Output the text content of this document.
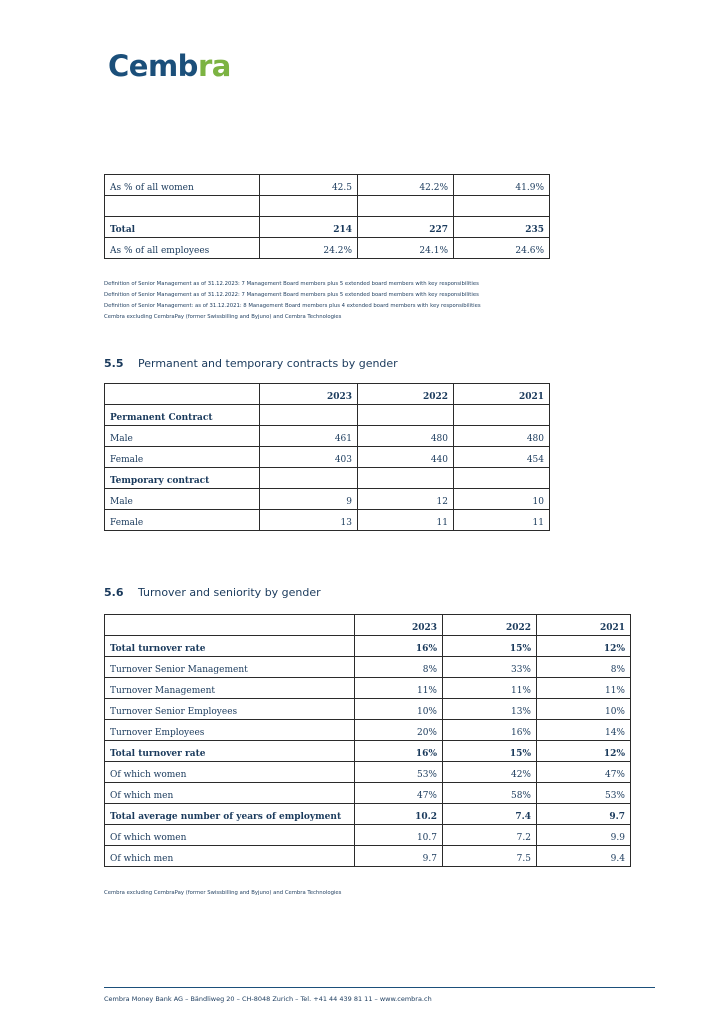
Cembra
As % of all women	42.5	42.2%	41.9%

Total	214	227	235
As % of all employees	24.2%	24.1%	24.6%
Definition of Senior Management as of 31.12.2023: 7 Management Board members plus 5 extended board members with key responsibilities
Definition of Senior Management as of 31.12.2022: 7 Management Board members plus 5 extended board members with key responsibilities
Definition of Senior Management: as of 31.12.2021: 8 Management Board members plus 4 extended board members with key responsibilities
Cembra excluding CembraPay (former Swissbilling and Byjuno) and Cembra Technologies
5.5 Permanent and temporary contracts by gender
	2023	2022	2021
Permanent Contract			
Male	461	480	480
Female	403	440	454
Temporary contract			
Male	9	12	10
Female	13	11	11
5.6 Turnover and seniority by gender
	2023	2022	2021
Total turnover rate	16%	15%	12%
Turnover Senior Management	8%	33%	8%
Turnover Management	11%	11%	11%
Turnover Senior Employees	10%	13%	10%
Turnover Employees	20%	16%	14%
Total turnover rate	16%	15%	12%
Of which women	53%	42%	47%
Of which men	47%	58%	53%
Total average number of years of employment	10.2	7.4	9.7
Of which women	10.7	7.2	9.9
Of which men	9.7	7.5	9.4
Cembra excluding CembraPay (former Swissbilling and Byjuno) and Cembra Technologies
Cembra Money Bank AG – Bändliweg 20 – CH-8048 Zurich – Tel. +41 44 439 81 11 – www.cembra.ch
